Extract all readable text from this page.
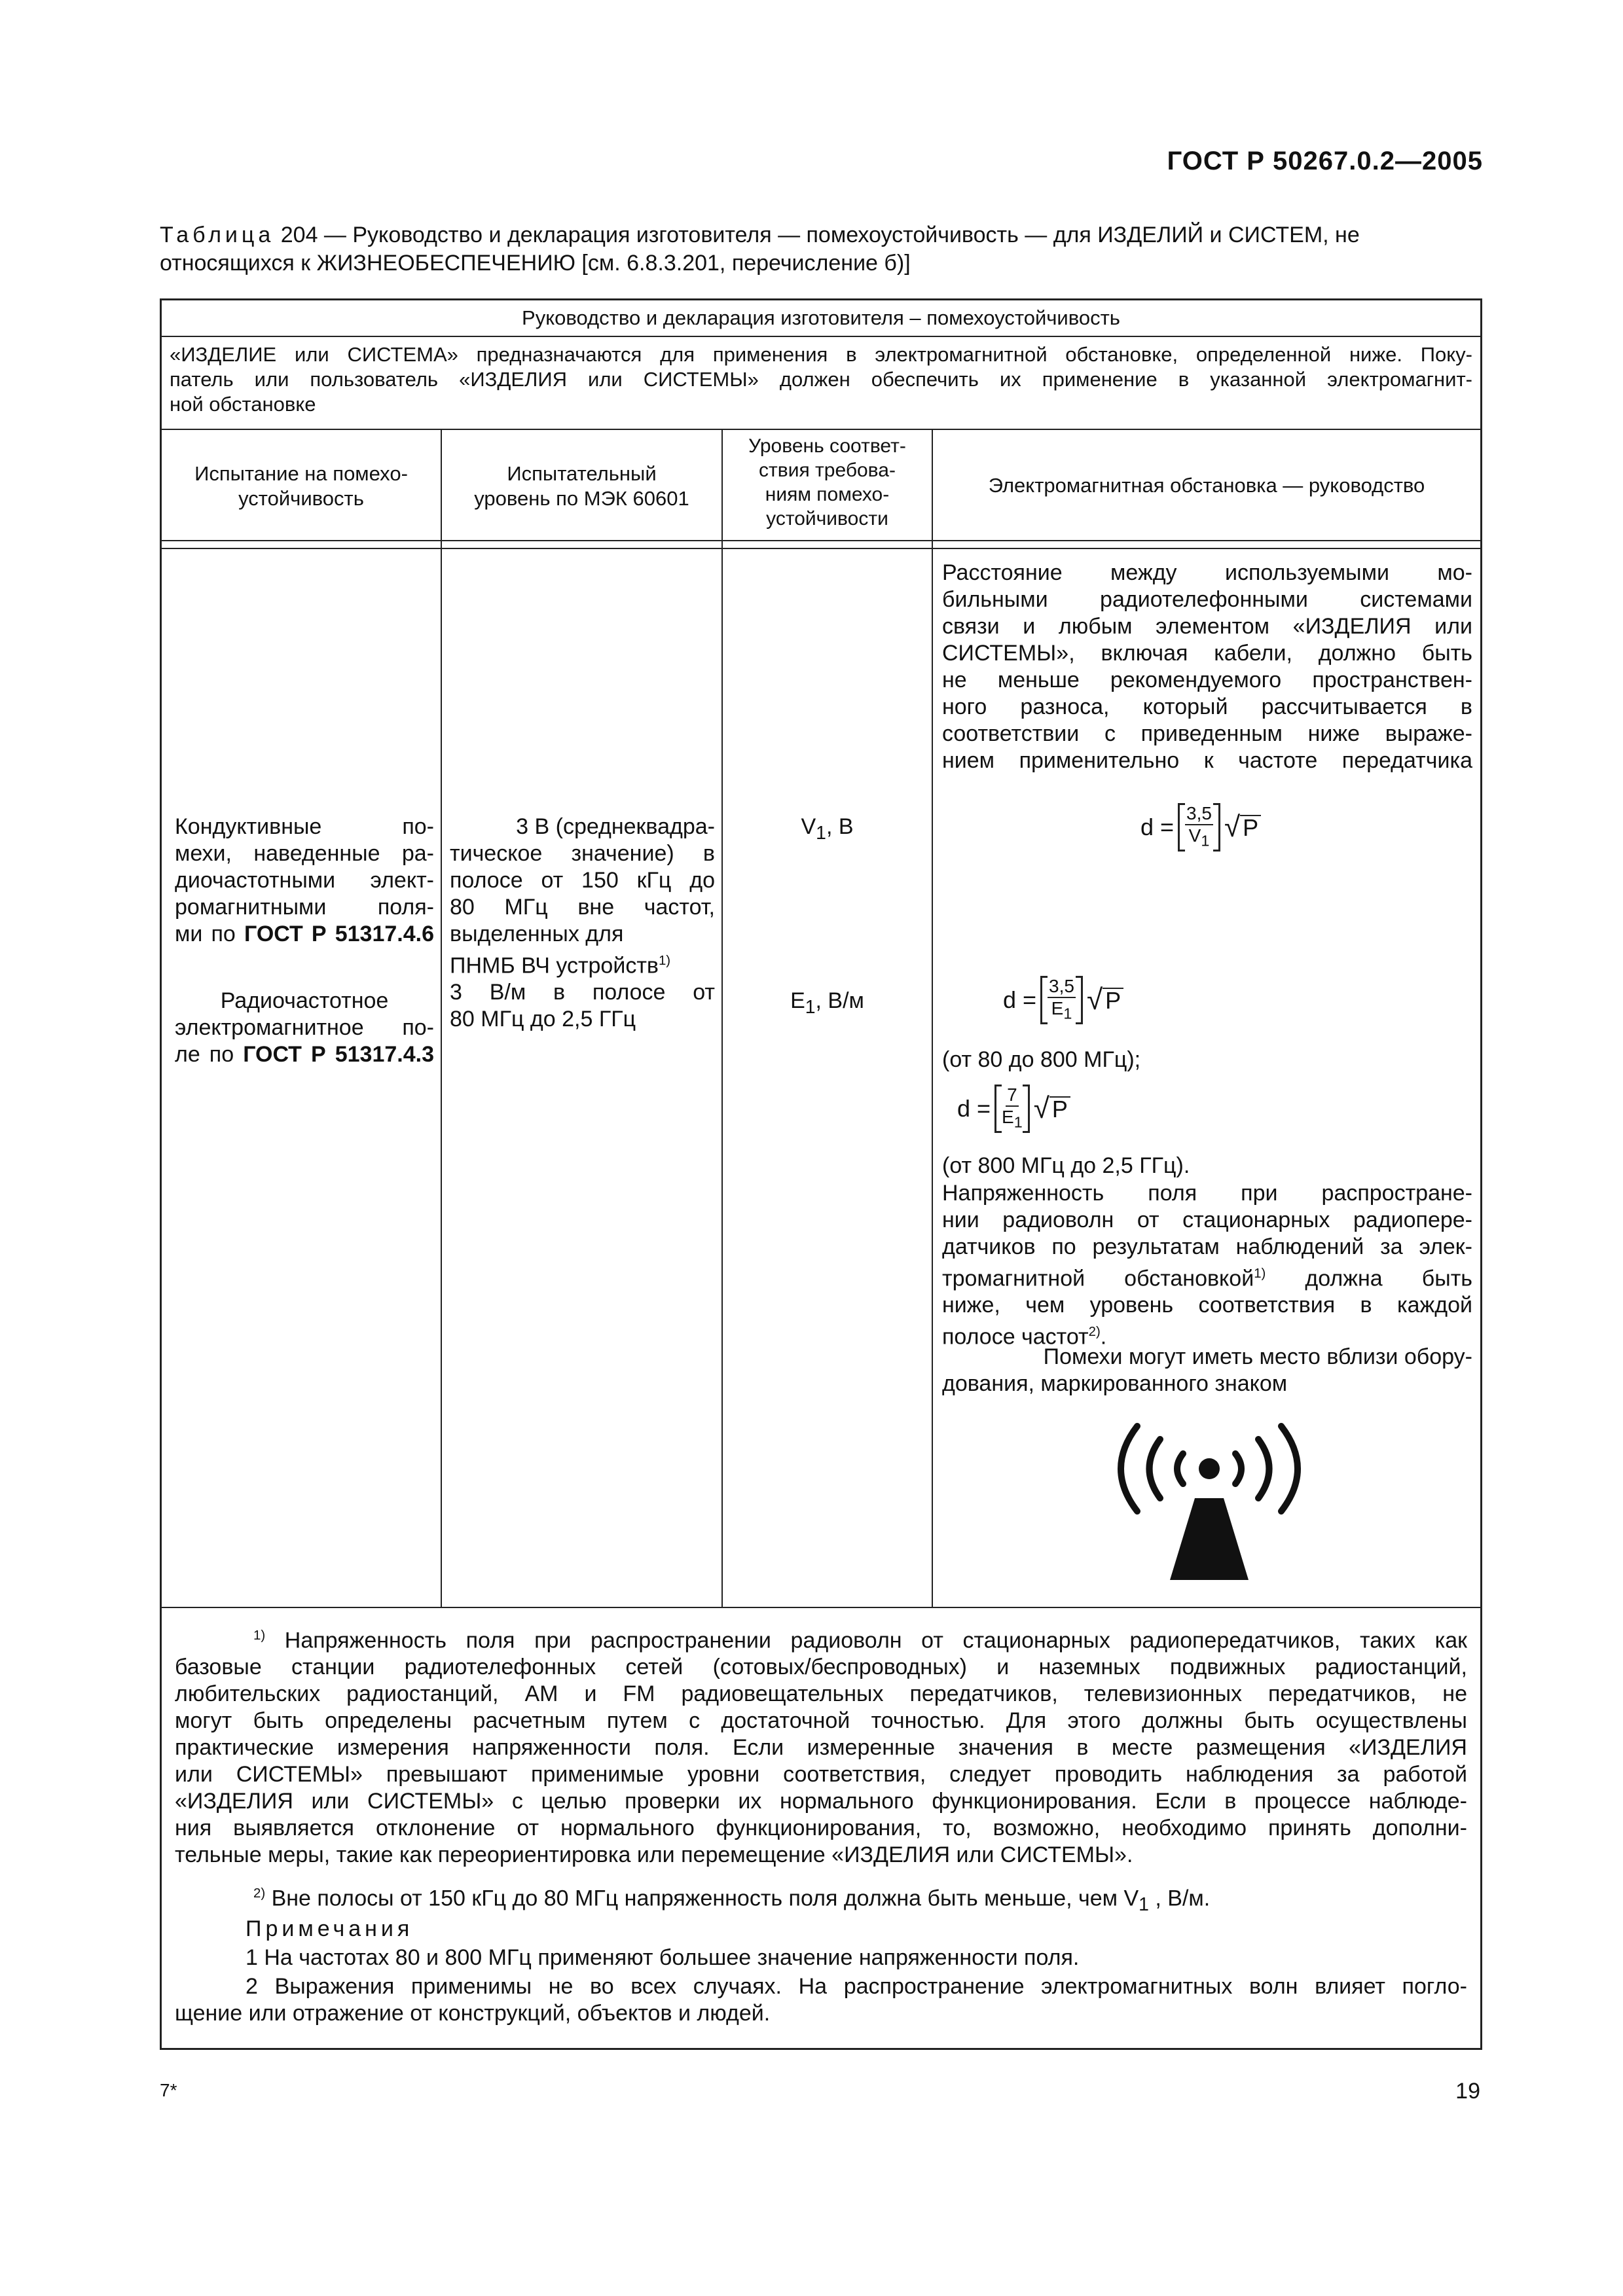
ГОСТ Р 50267.0.2—2005
Таблица 204 — Руководство и декларация изготовителя — помехоустойчивость — для ИЗДЕЛИЙ и СИСТЕМ, не
относящихся к ЖИЗНЕОБЕСПЕЧЕНИЮ [см. 6.8.3.201, перечисление б)]
Руководство и декларация изготовителя – помехоустойчивость
«ИЗДЕЛИЕ или СИСТЕМА» предназначаются для применения в электромагнитной обстановке, определенной ниже. Поку-
патель или пользователь «ИЗДЕЛИЯ или СИСТЕМЫ» должен обеспечить их применение в указанной электромагнит-
ной обстановке
Испытание на помехо-
устойчивость
Испытательный
уровень по МЭК 60601
Уровень соответ-
ствия требова-
ниям помехо-
устойчивости
Электромагнитная обстановка — руководство
Кондуктивные по-
мехи, наведенные ра-
диочастотными элект-
ромагнитными поля-
ми по ГОСТ Р 51317.4.6
Радиочастотное
электромагнитное по-
ле по ГОСТ Р 51317.4.3
3 В (среднеквадра-
тическое значение) в
полосе от 150 кГц до
80 МГц вне частот,
выделенных для
ПНМБ ВЧ устройств$^{1)}$
3 В/м в полосе от
80 МГц до 2,5 ГГц
$V_1$, В
$E_1$, В/м
Расстояние между используемыми мо-
бильными радиотелефонными системами
связи и любым элементом «ИЗДЕЛИЯ или
СИСТЕМЫ», включая кабели, должно быть
не меньше рекомендуемого пространствен-
ного разноса, который рассчитывается в
соответствии с приведенным ниже выраже-
нием применительно к частоте передатчика
$d = \frac{3,5}{V_1}$ √ P
$d = \frac{3,5}{E_1}$ √ P
(от 80 до 800 МГц);
$d = \frac{7}{E_1}$ √ P
(от 800 МГц до 2,5 ГГц).
Напряженность поля при распростране-
нии радиоволн от стационарных радиопере-
датчиков по результатам наблюдений за элек-
тромагнитной обстановкой$^{1)}$ должна быть
ниже, чем уровень соответствия в каждой
полосе частот$^{2)}$.
Помехи могут иметь место вблизи обору-
дования, маркированного знаком
$^{1)}$ Напряженность поля при распространении радиоволн от стационарных радиопередатчиков, таких как
базовые станции радиотелефонных сетей (сотовых/беспроводных) и наземных подвижных радиостанций,
любительских радиостанций, АМ и FM радиовещательных передатчиков, телевизионных передатчиков, не
могут быть определены расчетным путем с достаточной точностью. Для этого должны быть осуществлены
практические измерения напряженности поля. Если измеренные значения в месте размещения «ИЗДЕЛИЯ
или СИСТЕМЫ» превышают применимые уровни соответствия, следует проводить наблюдения за работой
«ИЗДЕЛИЯ или СИСТЕМЫ» с целью проверки их нормального функционирования. Если в процессе наблюде-
ния выявляется отклонение от нормального функционирования, то, возможно, необходимо принять дополни-
тельные меры, такие как переориентировка или перемещение «ИЗДЕЛИЯ или СИСТЕМЫ».
$^{2)}$ Вне полосы от 150 кГц до 80 МГц напряженность поля должна быть меньше, чем $V_1$ , В/м.
Примечания
1 На частотах 80 и 800 МГц применяют большее значение напряженности поля.
2 Выражения применимы не во всех случаях. На распространение электромагнитных волн влияет погло-
щение или отражение от конструкций, объектов и людей.
7*	19
